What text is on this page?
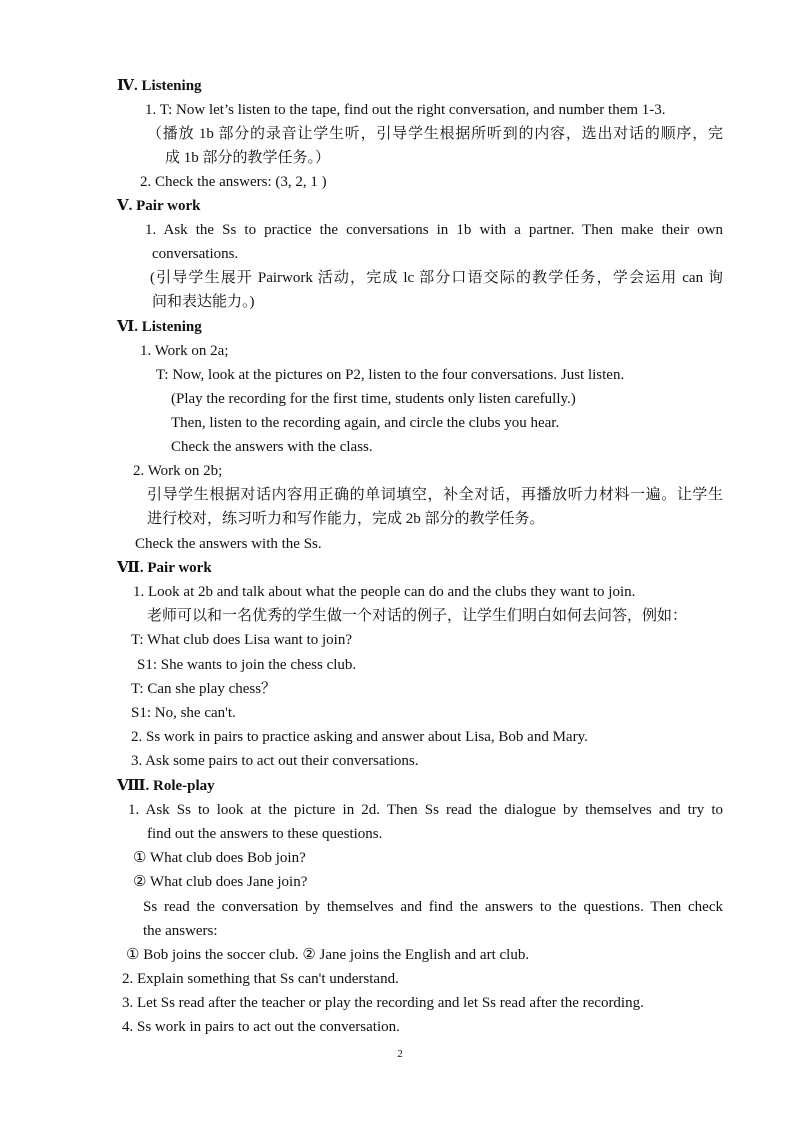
Ⅳ. Listening
1. T: Now let’s listen to the tape, find out the right conversation, and number them 1-3.
（播放 1b 部分的录音让学生听，引导学生根据所听到的内容，选出对话的顺序，完
成 1b 部分的教学任务。）
2. Check the answers: (3, 2, 1 )
Ⅴ. Pair work
1. Ask the Ss to practice the conversations in 1b with a partner. Then make their own
conversations.
(引导学生展开 Pairwork 活动，完成 lc 部分口语交际的教学任务，学会运用 can 询
问和表达能力。)
Ⅵ. Listening
1. Work on 2a;
T: Now, look at the pictures on P2, listen to the four conversations. Just listen.
(Play the recording for the first time, students only listen carefully.)
Then, listen to the recording again, and circle the clubs you hear.
Check the answers with the class.
2. Work on 2b;
引导学生根据对话内容用正确的单词填空，补全对话，再播放听力材料一遍。让学生
进行校对，练习听力和写作能力，完成 2b 部分的教学任务。
Check the answers with the Ss.
Ⅶ. Pair work
1. Look at 2b and talk about what the people can do and the clubs they want to join.
老师可以和一名优秀的学生做一个对话的例子，让学生们明白如何去问答，例如：
T: What club does Lisa want to join?
S1: She wants to join the chess club.
T: Can she play chess？
S1: No, she can't.
2. Ss work in pairs to practice asking and answer about Lisa, Bob and Mary.
3. Ask some pairs to act out their conversations.
Ⅷ. Role-play
1. Ask Ss to look at the picture in 2d. Then Ss read the dialogue by themselves and try to
find out the answers to these questions.
① What club does Bob join?
② What club does Jane join?
Ss read the conversation by themselves and find the answers to the questions. Then check
the answers:
① Bob joins the soccer club. ② Jane joins the English and art club.
2. Explain something that Ss can't understand.
3. Let Ss read after the teacher or play the recording and let Ss read after the recording.
4. Ss work in pairs to act out the conversation.
2
